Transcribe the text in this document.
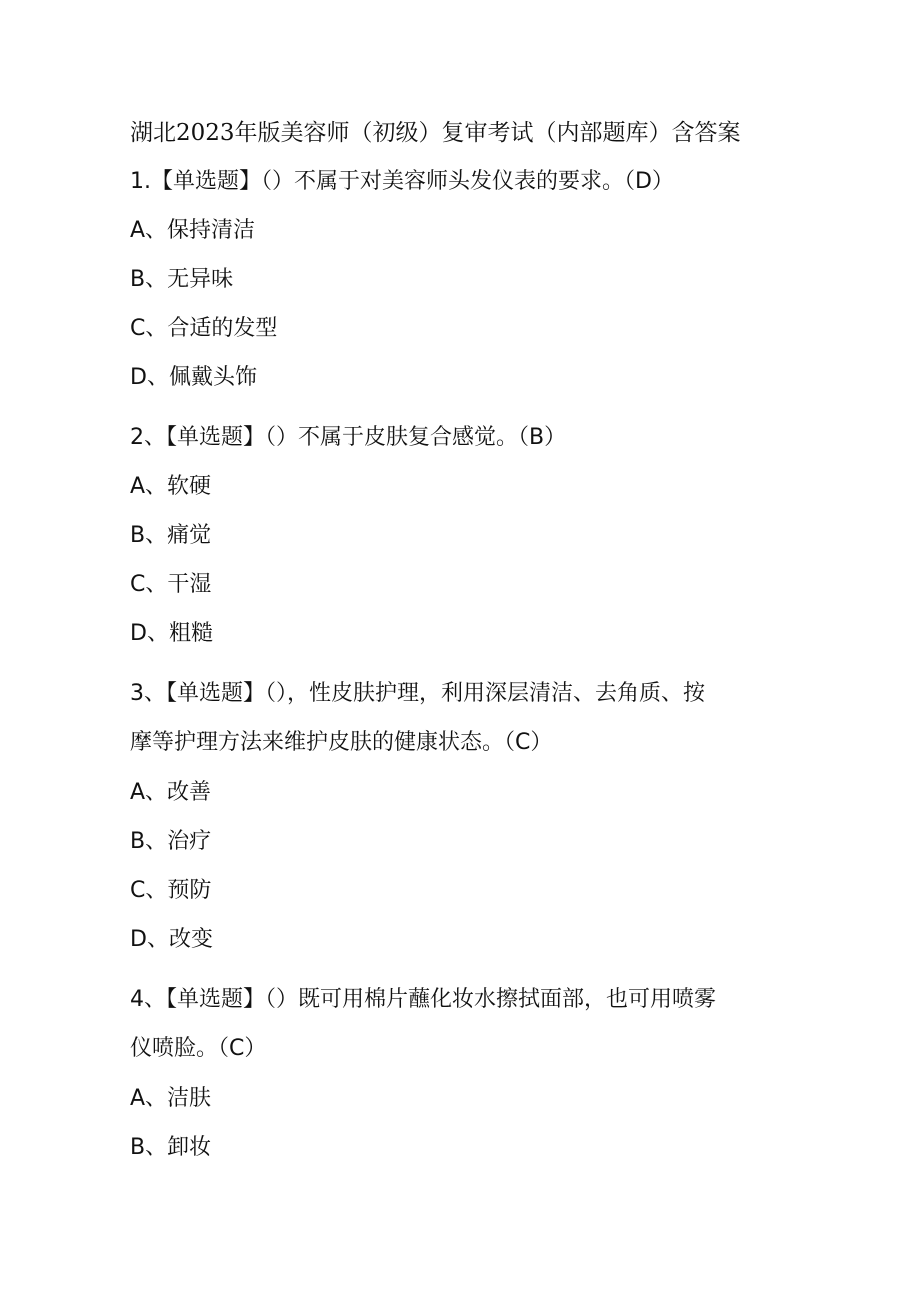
湖北2023年版美容师（初级）复审考试（内部题库）含答案
1.【单选题】（）不属于对美容师头发仪表的要求。（D）
A、保持清洁
B、无异味
C、合适的发型
D、佩戴头饰
2、【单选题】（）不属于皮肤复合感觉。（B）
A、软硬
B、痛觉
C、干湿
D、粗糙
3、【单选题】（），性皮肤护理，利用深层清洁、去角质、按
摩等护理方法来维护皮肤的健康状态。（C）
A、改善
B、治疗
C、预防
D、改变
4、【单选题】（）既可用棉片蘸化妆水擦拭面部，也可用喷雾
仪喷脸。（C）
A、洁肤
B、卸妆
